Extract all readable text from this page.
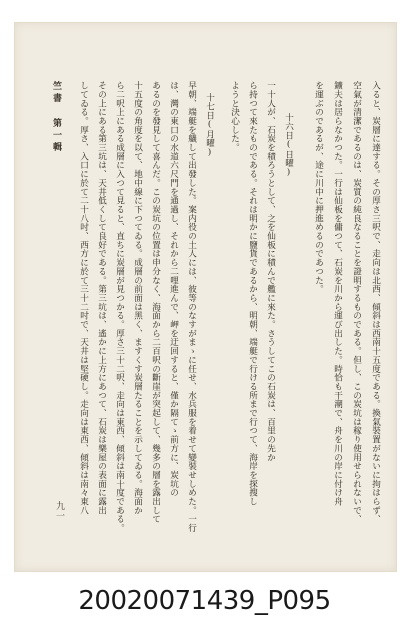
入ると、炭層に達する。その厚さ三呎で、走向は北西、傾斜は西南十五度である。換氣裝置がないに拘はらず、
空氣が清潔であるのは、炭質の純良なることを證明するものである。但し、この炭坑は稼り使用せられないで、
鑛夫は居らなかつた。一行は仙板を傭つて、石炭を川から運び出した。時恰も干潮で、舟を川の岸に付け舟
を運ぶのであるが、途に川中に押進めるのであつた。
十六日(日曜)
一十人が、石炭を積ろうとして、之を仙板に積んで艦に來た。さうしてこの石炭は、百里の先か
ら持つて來たものである。それは明かに鹽貨であるから、明朝、端艇で行ける所まで行つて、海岸を探搜し
ようと決心した。
十七日(月曜)
早朝、端艇を艤して出發した。案内役の土人には、彼等のなすがまゝに任せ、水兵服を着せて變裝せしめた。一行
は、灣の東口の水道六尺門を通過し、それから二哩進んで、岬を迂回すると、僅か隔てゝ前方に、炭坑の
あるのを發見して喜んだ。この炭坑の位置は申分なく、海面から二百呎の斷崖が突起して、幾多の層を露出して
十五度の角度を以て、地中線に下つてゐる。成層の前面は黑く、ますくす炭層たることを示してゐる。海面か
ら二呎上にある成層に入つて見ると、直ちに炭層が見つかる。厚さ三十二呎、走向は東西、傾斜は南十度である。
その上にある第三坑は、天井低くして良好である。第三坑は、遙かに上方にあつて、石炭は樂屋の表面に露出
してゐる。厚さ、入口に於て二十八吋、西方に於て三十二吋で、天井は堅硬し。走向は東西、傾斜は南々東八
竺書 第一輯
九一
20020071439_P095
